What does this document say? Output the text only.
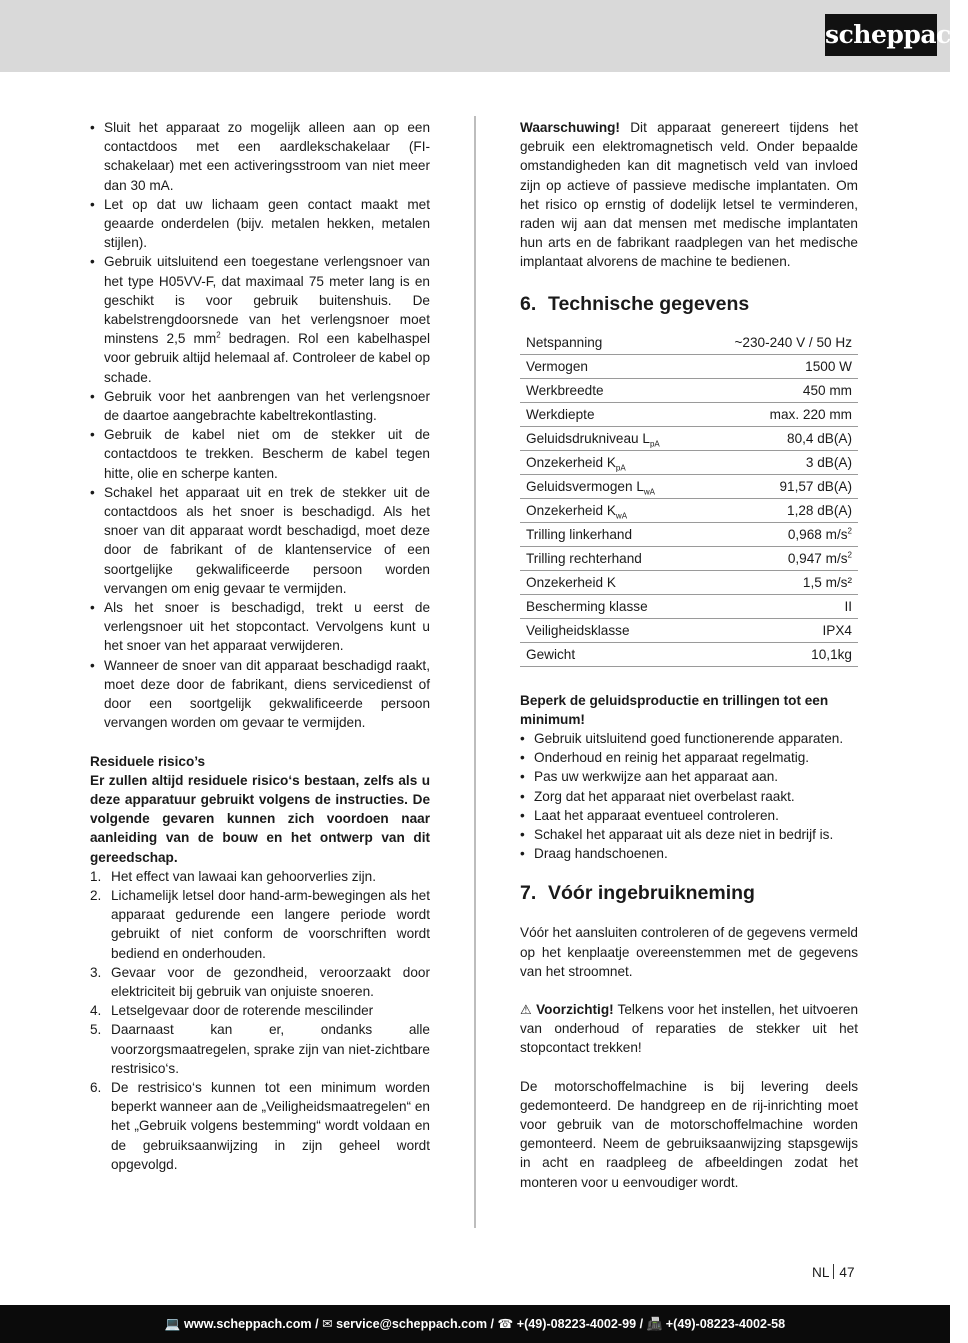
scheppach
• Sluit het apparaat zo mogelijk alleen aan op een contactdoos met een aardlekschakelaar (FI-schakelaar) met een activeringsstroom van niet meer dan 30 mA.
• Let op dat uw lichaam geen contact maakt met geaarde onderdelen (bijv. metalen hekken, metalen stijlen).
• Gebruik uitsluitend een toegestane verlengsnoer van het type H05VV-F, dat maximaal 75 meter lang is en geschikt is voor gebruik buitenshuis. De kabelstrengdoorsnede van het verlengsnoer moet minstens 2,5 $mm^2$ bedragen. Rol een kabelhaspel voor gebruik altijd helemaal af. Controleer de kabel op schade.
• Gebruik voor het aanbrengen van het verlengsnoer de daartoe aangebrachte kabeltrekontlasting.
• Gebruik de kabel niet om de stekker uit de contactdoos te trekken. Bescherm de kabel tegen hitte, olie en scherpe kanten.
• Schakel het apparaat uit en trek de stekker uit de contactdoos als het snoer is beschadigd. Als het snoer van dit apparaat wordt beschadigd, moet deze door de fabrikant of de klantenservice of een soortgelijke gekwalificeerde persoon worden vervangen om enig gevaar te vermijden.
• Als het snoer is beschadigd, trekt u eerst de verlengsnoer uit het stopcontact. Vervolgens kunt u het snoer van het apparaat verwijderen.
• Wanneer de snoer van dit apparaat beschadigd raakt, moet deze door de fabrikant, diens servicedienst of door een soortgelijk gekwalificeerde persoon vervangen worden om gevaar te vermijden.

Residuele risico’s

Er zullen altijd residuele risico‘s bestaan, zelfs als u deze apparatuur gebruikt volgens de instructies. De volgende gevaren kunnen zich voordoen naar aanleiding van de bouw en het ontwerp van dit gereedschap.

1. Het effect van lawaai kan gehoorverlies zijn.
2. Lichamelijk letsel door hand-arm-bewegingen als het apparaat gedurende een langere periode wordt gebruikt of niet conform de voorschriften wordt bediend en onderhouden.
3. Gevaar voor de gezondheid, veroorzaakt door elektriciteit bij gebruik van onjuiste snoeren.
4. Letselgevaar door de roterende mescilinder
5. Daarnaast kan er, ondanks alle voorzorgsmaatregelen, sprake zijn van niet-zichtbare restrisico‘s.
6. De restrisico‘s kunnen tot een minimum worden beperkt wanneer aan de „Veiligheidsmaatregelen“ en het „Gebruik volgens bestemming“ wordt voldaan en de gebruiksaanwijzing in zijn geheel wordt opgevolgd.

Waarschuwing! Dit apparaat genereert tijdens het gebruik een elektromagnetisch veld. Onder bepaalde omstandigheden kan dit magnetisch veld van invloed zijn op actieve of passieve medische implantaten. Om het risico op ernstig of dodelijk letsel te verminderen, raden wij aan dat mensen met medische implantaten hun arts en de fabrikant raadplegen van het medische implantaat alvorens de machine te bedienen.

6. Technische gegevens
Netspanning	~230-240 V / 50 Hz
Vermogen	1500 W
Werkbreedte	450 mm
Werkdiepte	max. 220 mm
Geluidsdrukniveau $L_{pA}$	80,4 dB(A)
Onzekerheid $K_{pA}$	3 dB(A)
Geluidsvermogen $L_{wA}$	91,57 dB(A)
Onzekerheid $K_{wA}$	1,28 dB(A)
Trilling linkerhand	0,968 $m/s^2$
Trilling rechterhand	0,947 $m/s^2$
Onzekerheid K	1,5 m/s²
Bescherming klasse	II
Veiligheidsklasse	IPX4
Gewicht	10,1kg

Beperk de geluidsproductie en trillingen tot een minimum!

• Gebruik uitsluitend goed functionerende apparaten.
• Onderhoud en reinig het apparaat regelmatig.
• Pas uw werkwijze aan het apparaat aan.
• Zorg dat het apparaat niet overbelast raakt.
• Laat het apparaat eventueel controleren.
• Schakel het apparaat uit als deze niet in bedrijf is.
• Draag handschoenen.
7. Vóór ingebruikneming

Vóór het aansluiten controleren of de gegevens vermeld op het kenplaatje overeenstemmen met de gegevens van het stroomnet.

⚠ Voorzichtig! Telkens voor het instellen, het uitvoeren van onderhoud of reparaties de stekker uit het stopcontact trekken!

De motorschoffelmachine is bij levering deels gedemonteerd. De handgreep en de rij-inrichting moet voor gebruik van de motorschoffelmachine worden gemonteerd. Neem de gebruiksaanwijzing stapsgewijs in acht en raadpleeg de afbeeldingen zodat het monteren voor u eenvoudiger wordt.

NL 47
💻 www.scheppach.com / ✉ service@scheppach.com / ☎ +(49)-08223-4002-99 / 📠 +(49)-08223-4002-58
